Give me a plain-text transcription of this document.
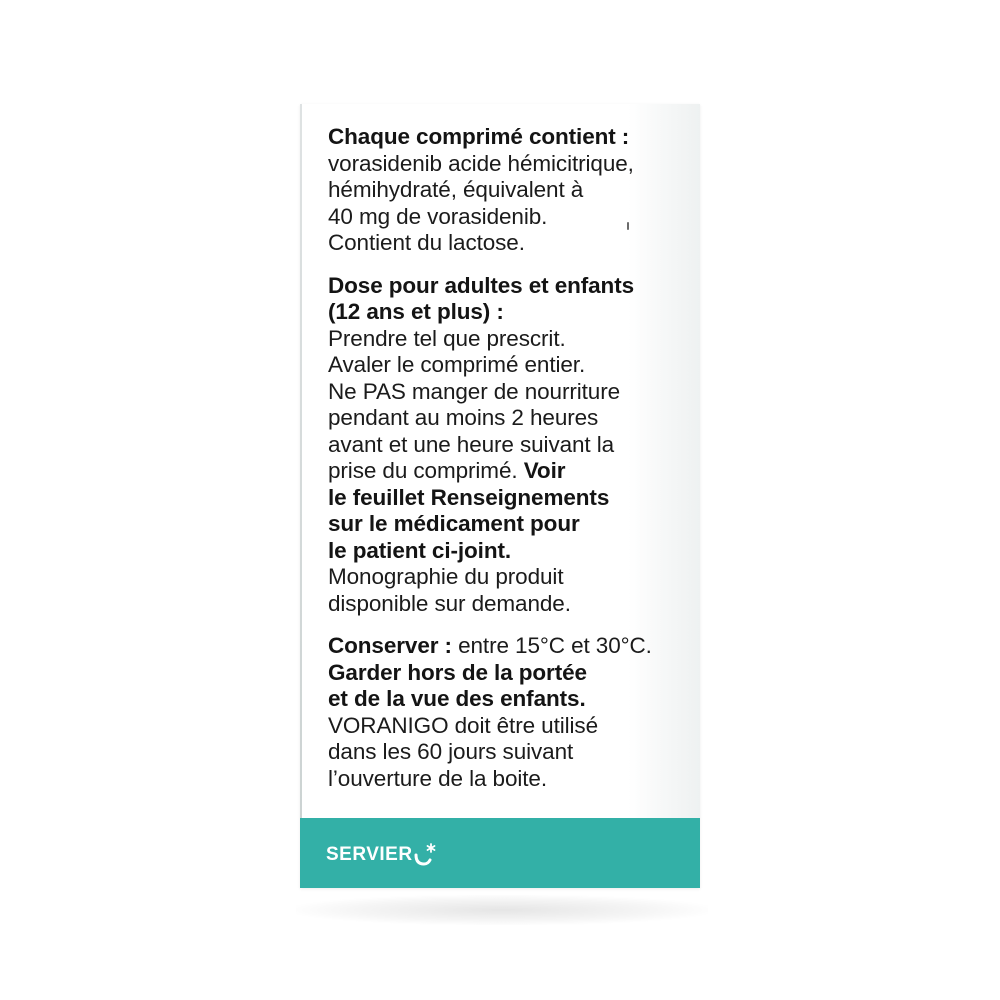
Chaque comprimé contient :
vorasidenib acide hémicitrique,
hémihydraté, équivalent à
40 mg de vorasidenib.
Contient du lactose.
Dose pour adultes et enfants
(12 ans et plus) :
Prendre tel que prescrit.
Avaler le comprimé entier.
Ne PAS manger de nourriture
pendant au moins 2 heures
avant et une heure suivant la
prise du comprimé. Voir
le feuillet Renseignements
sur le médicament pour
le patient ci-joint.
Monographie du produit
disponible sur demande.
Conserver : entre 15°C et 30°C.
Garder hors de la portée
et de la vue des enfants.
VORANIGO doit être utilisé
dans les 60 jours suivant
l’ouverture de la boite.
SERVIER
